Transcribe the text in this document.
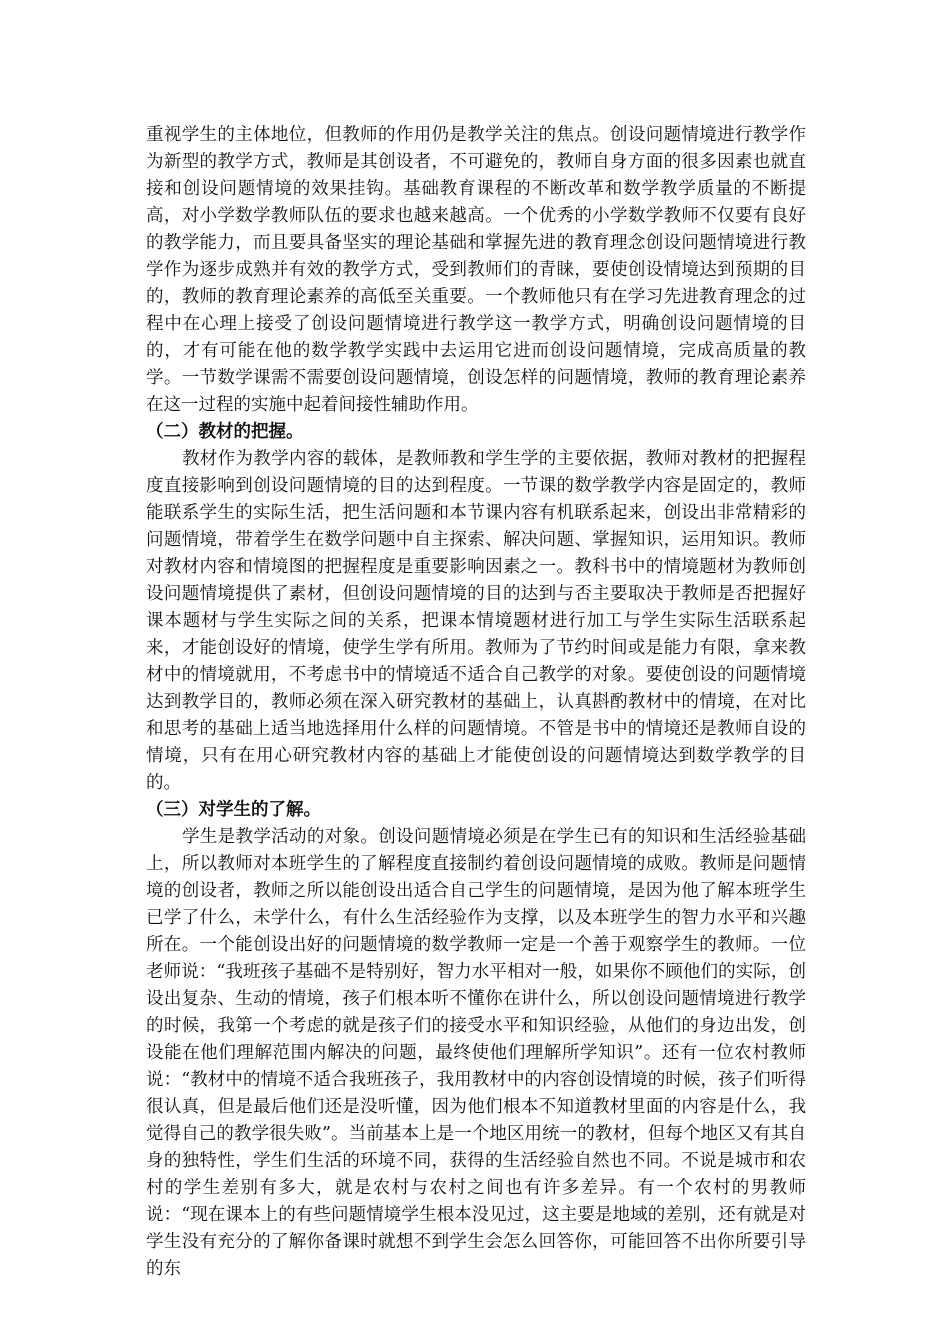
重视学生的主体地位，但教师的作用仍是教学关注的焦点。创设问题情境进行教学作为新型的教学方式，教师是其创设者，不可避免的，教师自身方面的很多因素也就直接和创设问题情境的效果挂钩。基础教育课程的不断改革和数学教学质量的不断提高，对小学数学教师队伍的要求也越来越高。一个优秀的小学数学教师不仅要有良好的教学能力，而且要具备坚实的理论基础和掌握先进的教育理念创设问题情境进行教学作为逐步成熟并有效的教学方式，受到教师们的青睐，要使创设情境达到预期的目的，教师的教育理论素养的高低至关重要。一个教师他只有在学习先进教育理念的过程中在心理上接受了创设问题情境进行教学这一教学方式，明确创设问题情境的目的，才有可能在他的数学教学实践中去运用它进而创设问题情境，完成高质量的教学。一节数学课需不需要创设问题情境，创设怎样的问题情境，教师的教育理论素养在这一过程的实施中起着间接性辅助作用。

（二）教材的把握。

教材作为教学内容的载体，是教师教和学生学的主要依据，教师对教材的把握程度直接影响到创设问题情境的目的达到程度。一节课的数学教学内容是固定的，教师 能联系学生的实际生活，把生活问题和本节课内容有机联系起来，创设出非常精彩的问题情境，带着学生在数学问题中自主探索、解决问题、掌握知识，运用知识。教师对教材内容和情境图的把握程度是重要影响因素之一。教科书中的情境题材为教师创设问题情境提供了素材，但创设问题情境的目的达到与否主要取决于教师是否把握好课本题材与学生实际之间的关系，把课本情境题材进行加工与学生实际生活联系起来，才能创设好的情境，使学生学有所用。教师为了节约时间或是能力有限，拿来教材中的情境就用，不考虑书中的情境适不适合自己教学的对象。要使创设的问题情境达到教学目的，教师必须在深入研究教材的基础上，认真斟酌教材中的情境，在对比和思考的基础上适当地选择用什么样的问题情境。不管是书中的情境还是教师自设的情境，只有在用心研究教材内容的基础上才能使创设的问题情境达到数学教学的目的。

（三）对学生的了解。

学生是教学活动的对象。创设问题情境必须是在学生已有的知识和生活经验基础上，所以教师对本班学生的了解程度直接制约着创设问题情境的成败。教师是问题情境的创设者，教师之所以能创设出适合自己学生的问题情境，是因为他了解本班学生已学了什么，未学什么，有什么生活经验作为支撑，以及本班学生的智力水平和兴趣所在。一个能创设出好的问题情境的数学教师一定是一个善于观察学生的教师。一位老师说：“我班孩子基础不是特别好，智力水平相对一般，如果你不顾他们的实际，创设出复杂、生动的情境，孩子们根本听不懂你在讲什么，所以创设问题情境进行教学的时候，我第一个考虑的就是孩子们的接受水平和知识经验，从他们的身边出发，创设能在他们理解范围内解决的问题，最终使他们理解所学知识”。还有一位农村教师说：“教材中的情境不适合我班孩子，我用教材中的内容创设情境的时候，孩子们听得很认真，但是最后他们还是没听懂，因为他们根本不知道教材里面的内容是什么，我觉得自己的教学很失败”。当前基本上是一个地区用统一的教材，但每个地区又有其自身的独特性，学生们生活的环境不同，获得的生活经验自然也不同。不说是城市和农村的学生差别有多大，就是农村与农村之间也有许多差异。有一个农村的男教师说：“现在课本上的有些问题情境学生根本没见过，这主要是地域的差别，还有就是对学生没有充分的了解你备课时就想不到学生会怎么回答你，可能回答不出你所要引导的东
